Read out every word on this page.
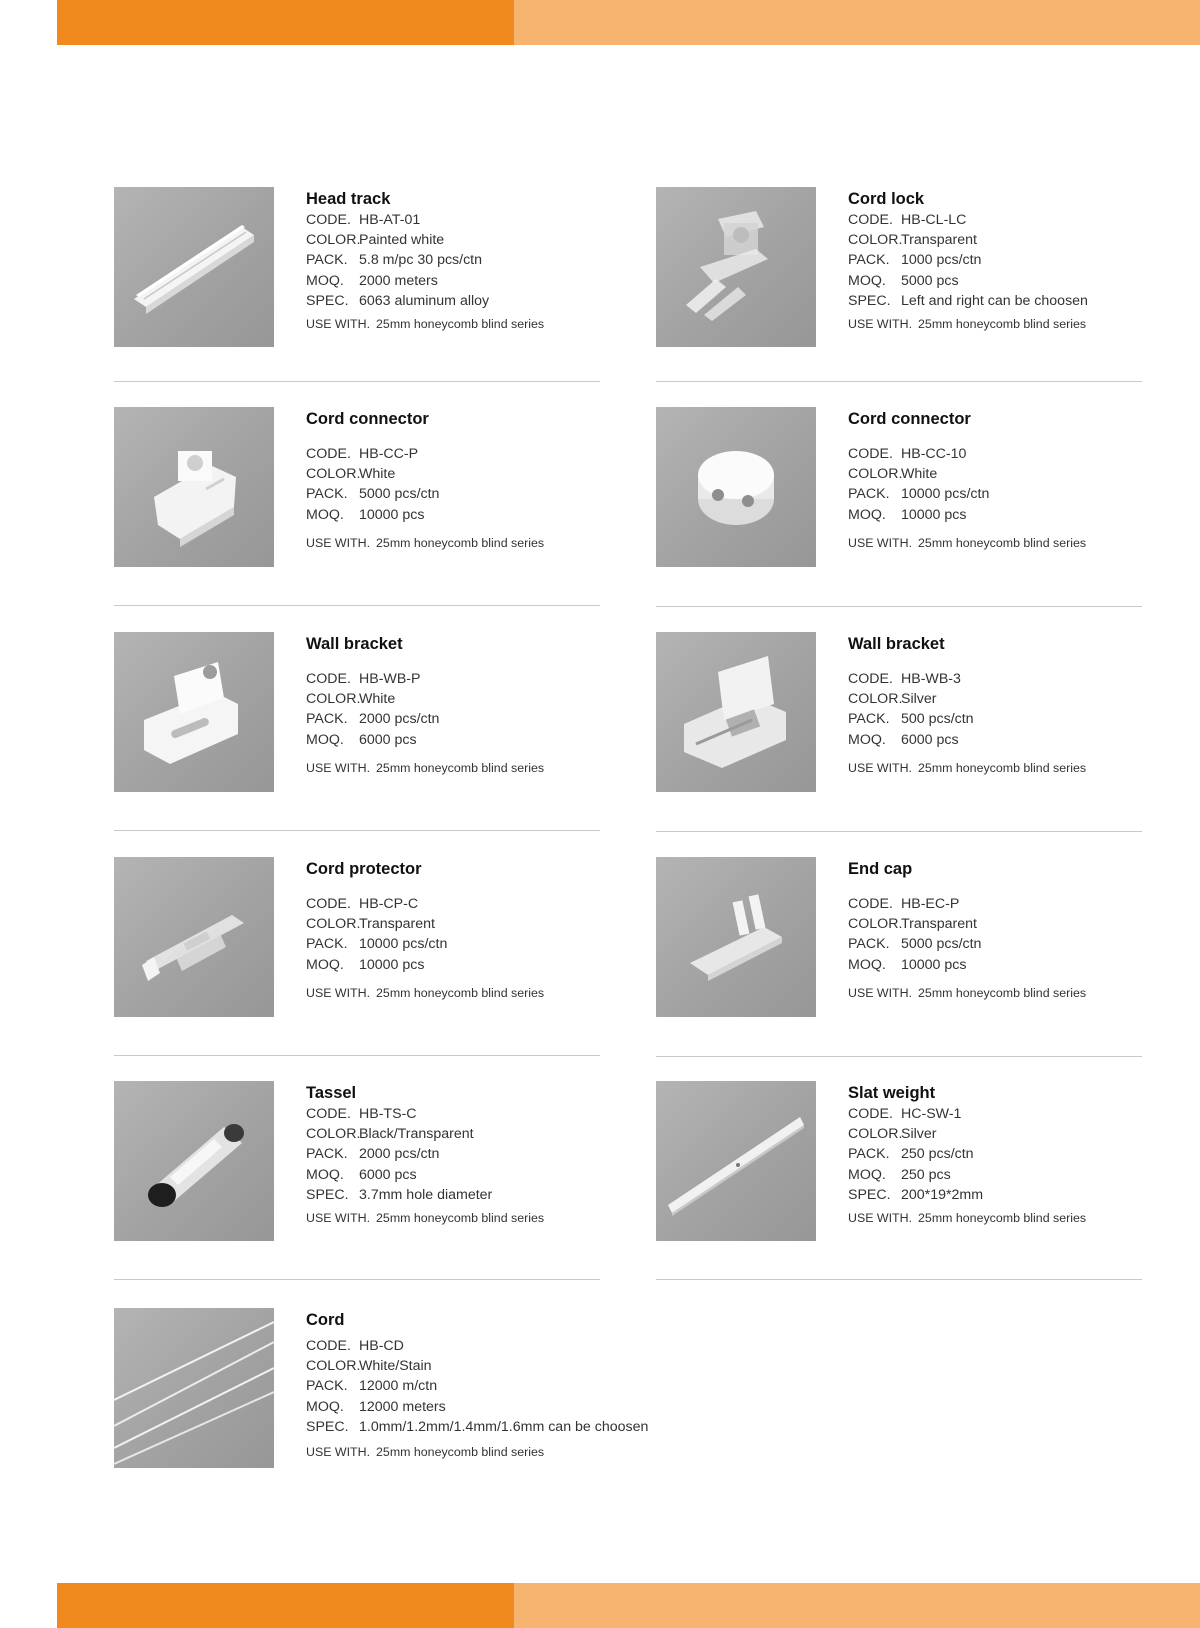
Head track
CODE. HB-AT-01
COLOR.Painted white
PACK. 5.8 m/pc 30 pcs/ctn
MOQ. 2000 meters
SPEC. 6063 aluminum alloy
USE WITH. 25mm honeycomb blind series
Cord lock
CODE. HB-CL-LC
COLOR.Transparent
PACK. 1000 pcs/ctn
MOQ. 5000 pcs
SPEC. Left and right can be choosen
USE WITH. 25mm honeycomb blind series
Cord connector
CODE. HB-CC-P
COLOR.White
PACK. 5000 pcs/ctn
MOQ. 10000 pcs
USE WITH. 25mm honeycomb blind series
Cord connector
CODE. HB-CC-10
COLOR.White
PACK. 10000 pcs/ctn
MOQ. 10000 pcs
USE WITH. 25mm honeycomb blind series
Wall bracket
CODE. HB-WB-P
COLOR.White
PACK. 2000 pcs/ctn
MOQ. 6000 pcs
USE WITH. 25mm honeycomb blind series
Wall bracket
CODE. HB-WB-3
COLOR.Silver
PACK. 500 pcs/ctn
MOQ. 6000 pcs
USE WITH. 25mm honeycomb blind series
Cord protector
CODE. HB-CP-C
COLOR.Transparent
PACK. 10000 pcs/ctn
MOQ. 10000 pcs
USE WITH. 25mm honeycomb blind series
End cap
CODE. HB-EC-P
COLOR.Transparent
PACK. 5000 pcs/ctn
MOQ. 10000 pcs
USE WITH. 25mm honeycomb blind series
Tassel
CODE. HB-TS-C
COLOR.Black/Transparent
PACK. 2000 pcs/ctn
MOQ. 6000 pcs
SPEC. 3.7mm hole diameter
USE WITH. 25mm honeycomb blind series
Slat weight
CODE. HC-SW-1
COLOR.Silver
PACK. 250 pcs/ctn
MOQ. 250 pcs
SPEC. 200*19*2mm
USE WITH. 25mm honeycomb blind series
Cord
CODE. HB-CD
COLOR.White/Stain
PACK. 12000 m/ctn
MOQ. 12000 meters
SPEC. 1.0mm/1.2mm/1.4mm/1.6mm can be choosen
USE WITH. 25mm honeycomb blind series
